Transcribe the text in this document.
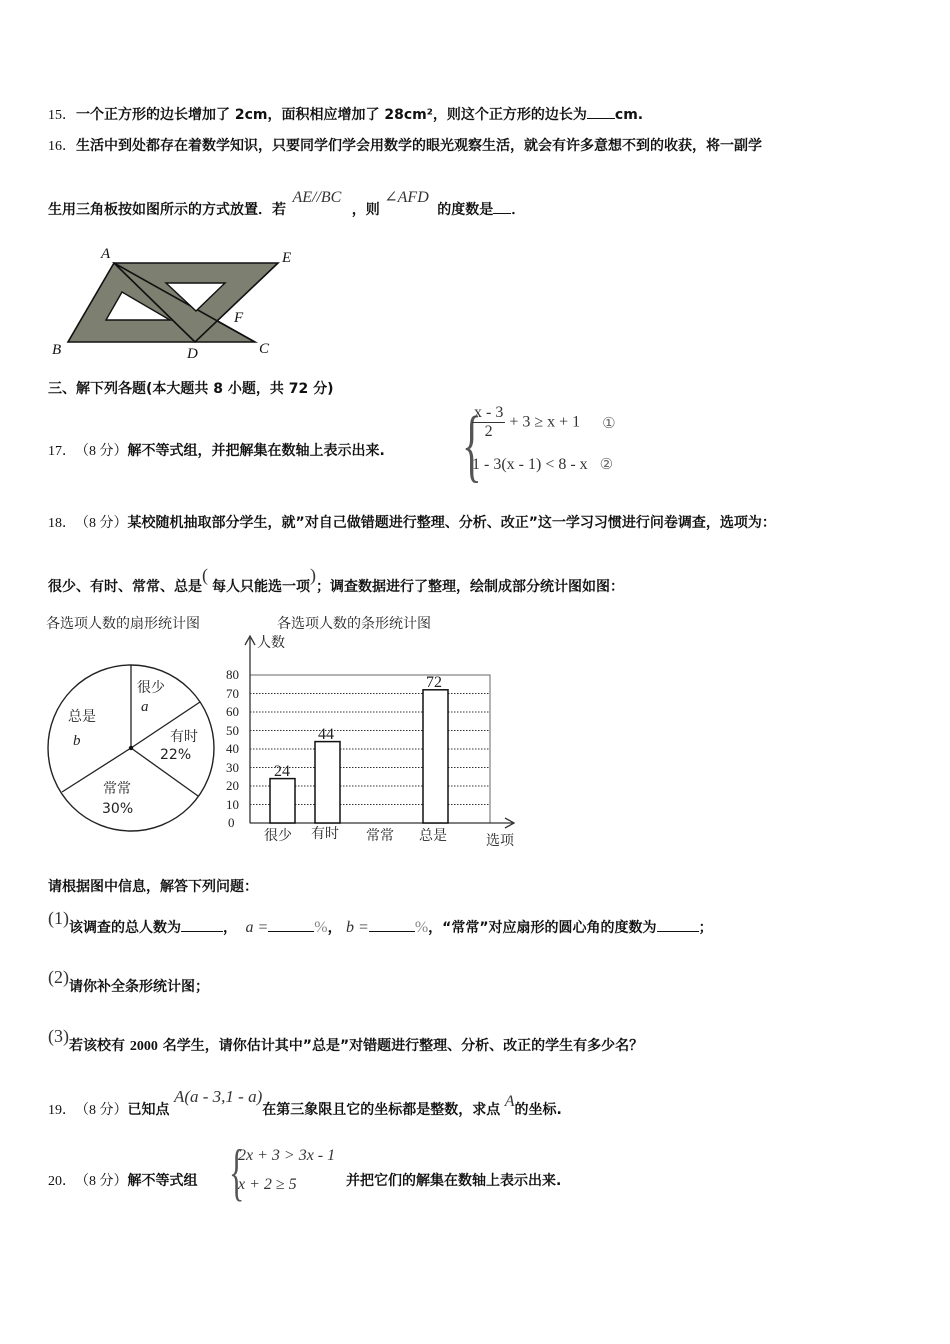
15．一个正方形的边长增加了 2cm，面积相应增加了 28cm²，则这个正方形的边长为 cm.
16．生活中到处都存在着数学知识，只要同学们学会用数学的眼光观察生活，就会有许多意想不到的收获，将一副学
生用三角板按如图所示的方式放置．若 AE//BC ，则 ∠AFD 的度数是 ．
A	E
B	D	C
F
三、解下列各题(本大题共 8 小题，共 72 分)
17． （8 分）解不等式组，并把解集在数轴上表示出来. {
$\frac{x - 3}{2} + 3 \ge x + 1$ ①
1 - 3(x - 1) < 8 - x ②
18． （8 分）某校随机抽取部分学生，就”对自己做错题进行整理、分析、改正”这一学习习惯进行问卷调查，选项为：
很少、有时、常常、总是(每人只能选一项)；调查数据进行了整理，绘制成部分统计图如图：
各选项人数的扇形统计图
很少
a
总是
b	有时
22%
常常
30%
各选项人数的条形统计图
24
44
72
0
10
20
30
40
50
60
70
80
人数
很少 有时 常常 总是	选项
请根据图中信息，解答下列问题：
(1)该调查的总人数为	， a =	%， b =	%，“常常”对应扇形的圆心角的度数为	；
(2)请你补全条形统计图；
(3)若该校有 2000 名学生，请你估计其中”总是”对错题进行整理、分析、改正的学生有多少名？
19． （8 分）已知点 A(a - 3,1 - a)在第三象限且它的坐标都是整数，求点 A的坐标.
20． （8 分）解不等式组 {
2x + 3 > 3x - 1
x + 2 ≥ 5	并把它们的解集在数轴上表示出来.
